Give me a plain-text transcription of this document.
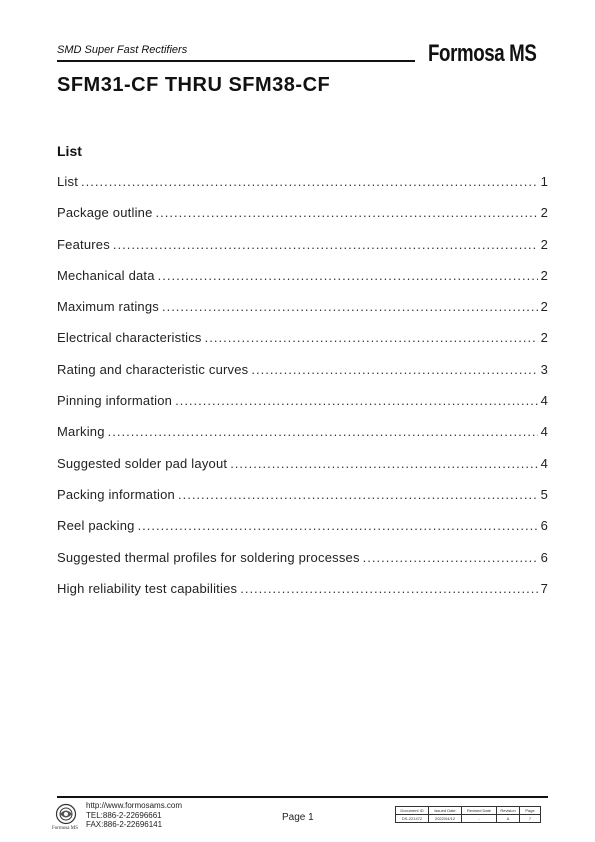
SMD Super Fast Rectifiers	Formosa MS
SFM31-CF THRU SFM38-CF
List
List .....	1
Package outline .....	2
Features .....	2
Mechanical data .....	2
Maximum ratings .....	2
Electrical characteristics .....	2
Rating and characteristic curves .....	3
Pinning information .....	4
Marking .....	4
Suggested solder pad layout .....	4
Packing information .....	5
Reel packing .....	6
Suggested thermal profiles for soldering processes .....	6
High reliability test capabilities .....	7
Formosa MS
http://www.formosams.com
TEL:886-2-22696661
FAX:886-2-22696141
Page 1
Document ID	Issued Date	Revised Date	Revision	Page
DS-221472	2022/04/12	-	A	7
